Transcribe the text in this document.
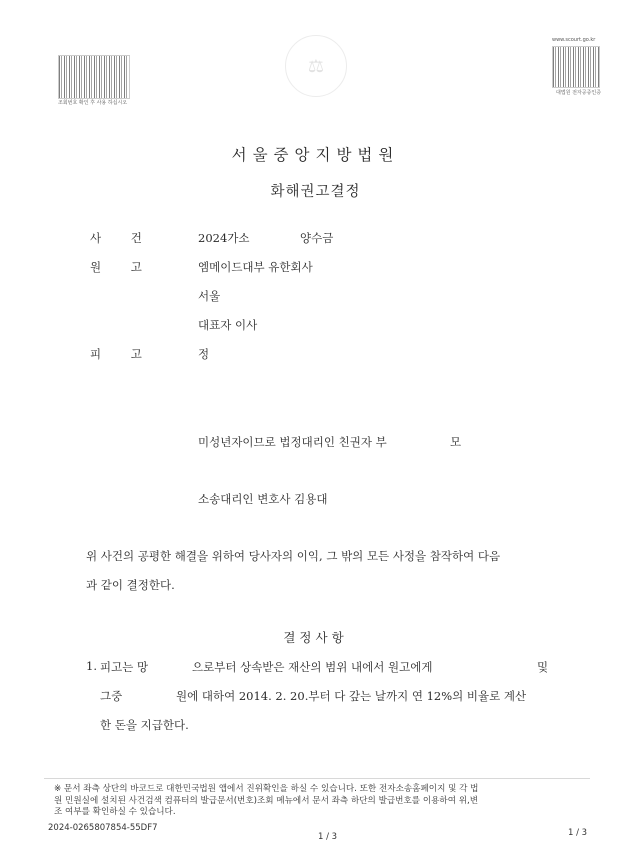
조회번호 확인 후 사용 하십시오
www.scourt.go.kr
대법원 전자공증인증
⚖
서울중앙지방법원
화해권고결정
사 건	2024가소	양수금
원 고	엠메이드대부 유한회사
서울
대표자 이사
피 고	정
미성년자이므로 법정대리인 친권자 부	모
소송대리인 변호사 김용대
위 사건의 공평한 해결을 위하여 당사자의 이익, 그 밖의 모든 사정을 참작하여 다음
과 같이 결정한다.
결정사항
1. 피고는 망	으로부터 상속받은 재산의 범위 내에서 원고에게	및
그중	원에 대하여 2014. 2. 20.부터 다 갚는 날까지 연 12%의 비율로 계산
한 돈을 지급한다.
※ 문서 좌측 상단의 바코드로 대한민국법원 앱에서 진위확인을 하실 수 있습니다. 또한 전자소송홈페이지 및 각 법
원 민원실에 설치된 사건검색 컴퓨터의 발급문서(번호)조회 메뉴에서 문서 좌측 하단의 발급번호를 이용하여 위,변
조 여부를 확인하실 수 있습니다.
2024-0265807854-55DF7
1 / 3	1 / 3
